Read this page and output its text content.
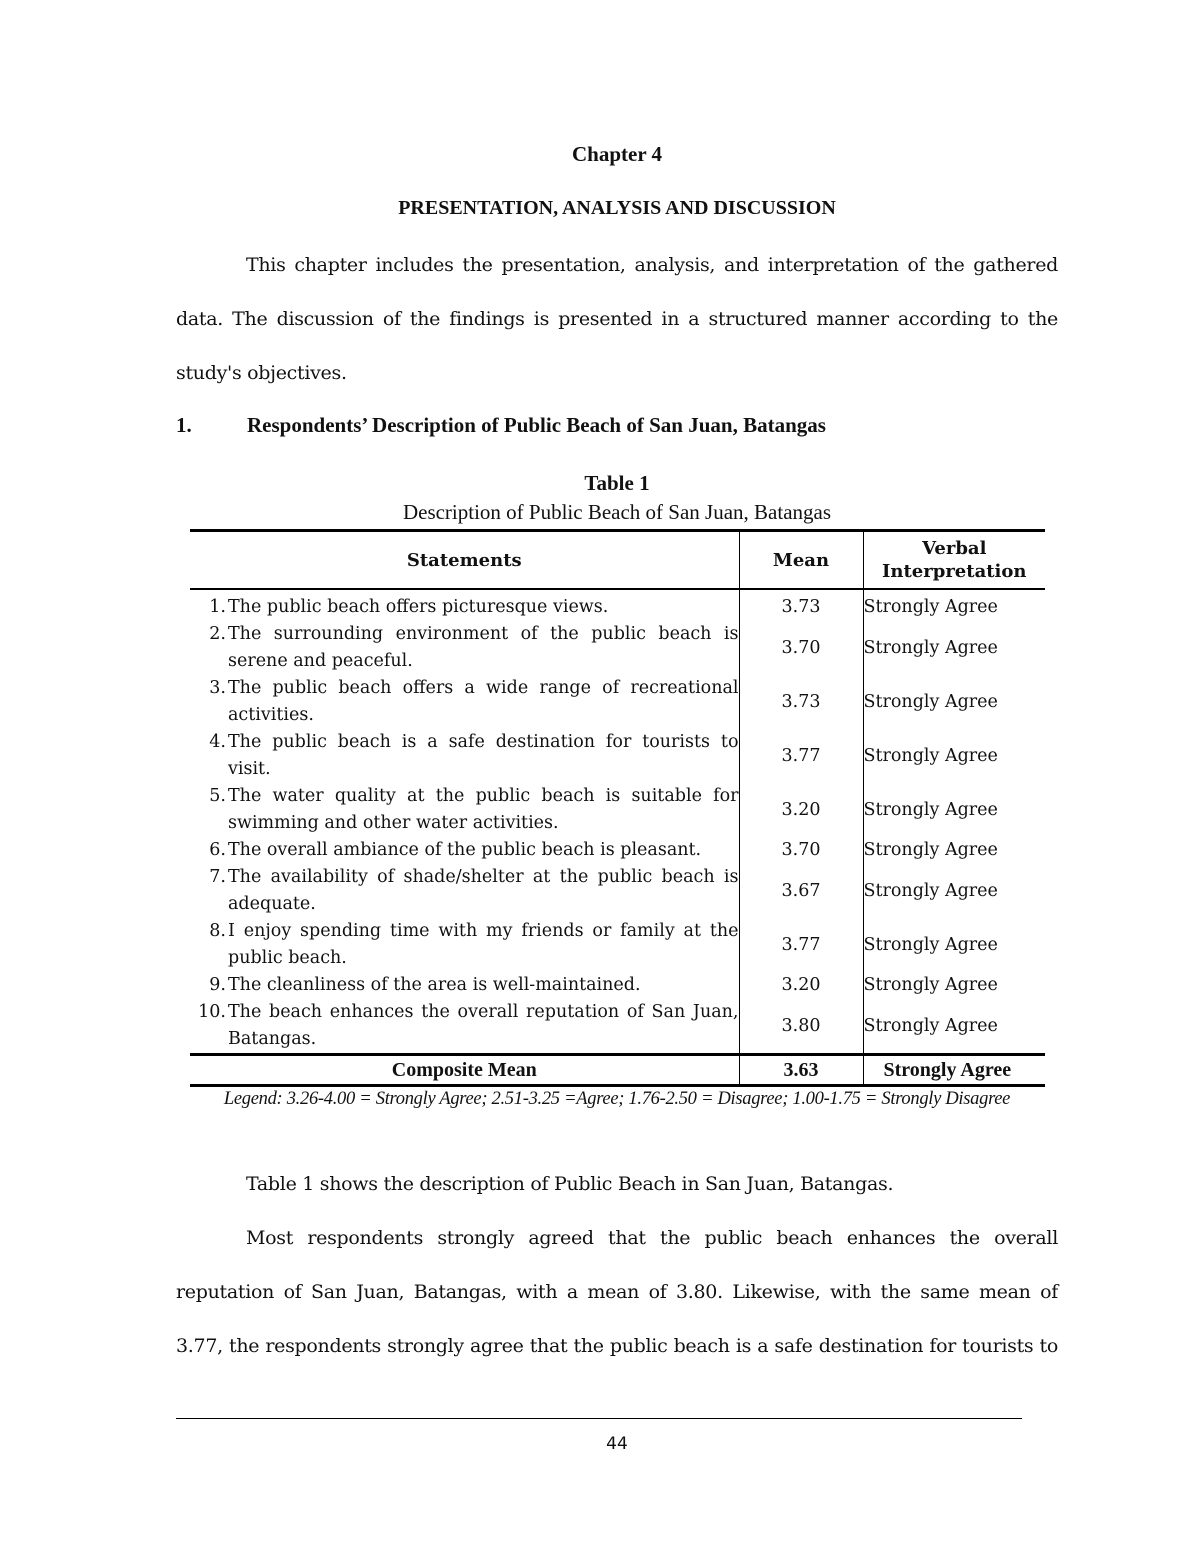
Chapter 4
PRESENTATION, ANALYSIS AND DISCUSSION
This chapter includes the presentation, analysis, and interpretation of the gathered
data. The discussion of the findings is presented in a structured manner according to the
study's objectives.
1.	Respondents’ Description of Public Beach of San Juan, Batangas
Table 1
Description of Public Beach of San Juan, Batangas
Statements	Mean	Verbal
Interpretation

1. The public beach offers picturesque views.	3.73	Strongly Agree

2. The surrounding environment of the public beach is serene and peaceful.	3.70	Strongly Agree

3. The public beach offers a wide range of recreational activities.	3.73	Strongly Agree

4. The public beach is a safe destination for tourists to visit.	3.77	Strongly Agree

5. The water quality at the public beach is suitable for swimming and other water activities.	3.20	Strongly Agree

6. The overall ambiance of the public beach is pleasant.	3.70	Strongly Agree

7. The availability of shade/shelter at the public beach is adequate.	3.67	Strongly Agree

8. I enjoy spending time with my friends or family at the public beach.	3.77	Strongly Agree

9. The cleanliness of the area is well-maintained.	3.20	Strongly Agree

10. The beach enhances the overall reputation of San Juan, Batangas.	3.80	Strongly Agree
Composite Mean	3.63	Strongly Agree
Legend: 3.26-4.00 = Strongly Agree; 2.51-3.25 =Agree; 1.76-2.50 = Disagree; 1.00-1.75 = Strongly Disagree
Table 1 shows the description of Public Beach in San Juan, Batangas.
Most respondents strongly agreed that the public beach enhances the overall
reputation of San Juan, Batangas, with a mean of 3.80. Likewise, with the same mean of
3.77, the respondents strongly agree that the public beach is a safe destination for tourists to
44
